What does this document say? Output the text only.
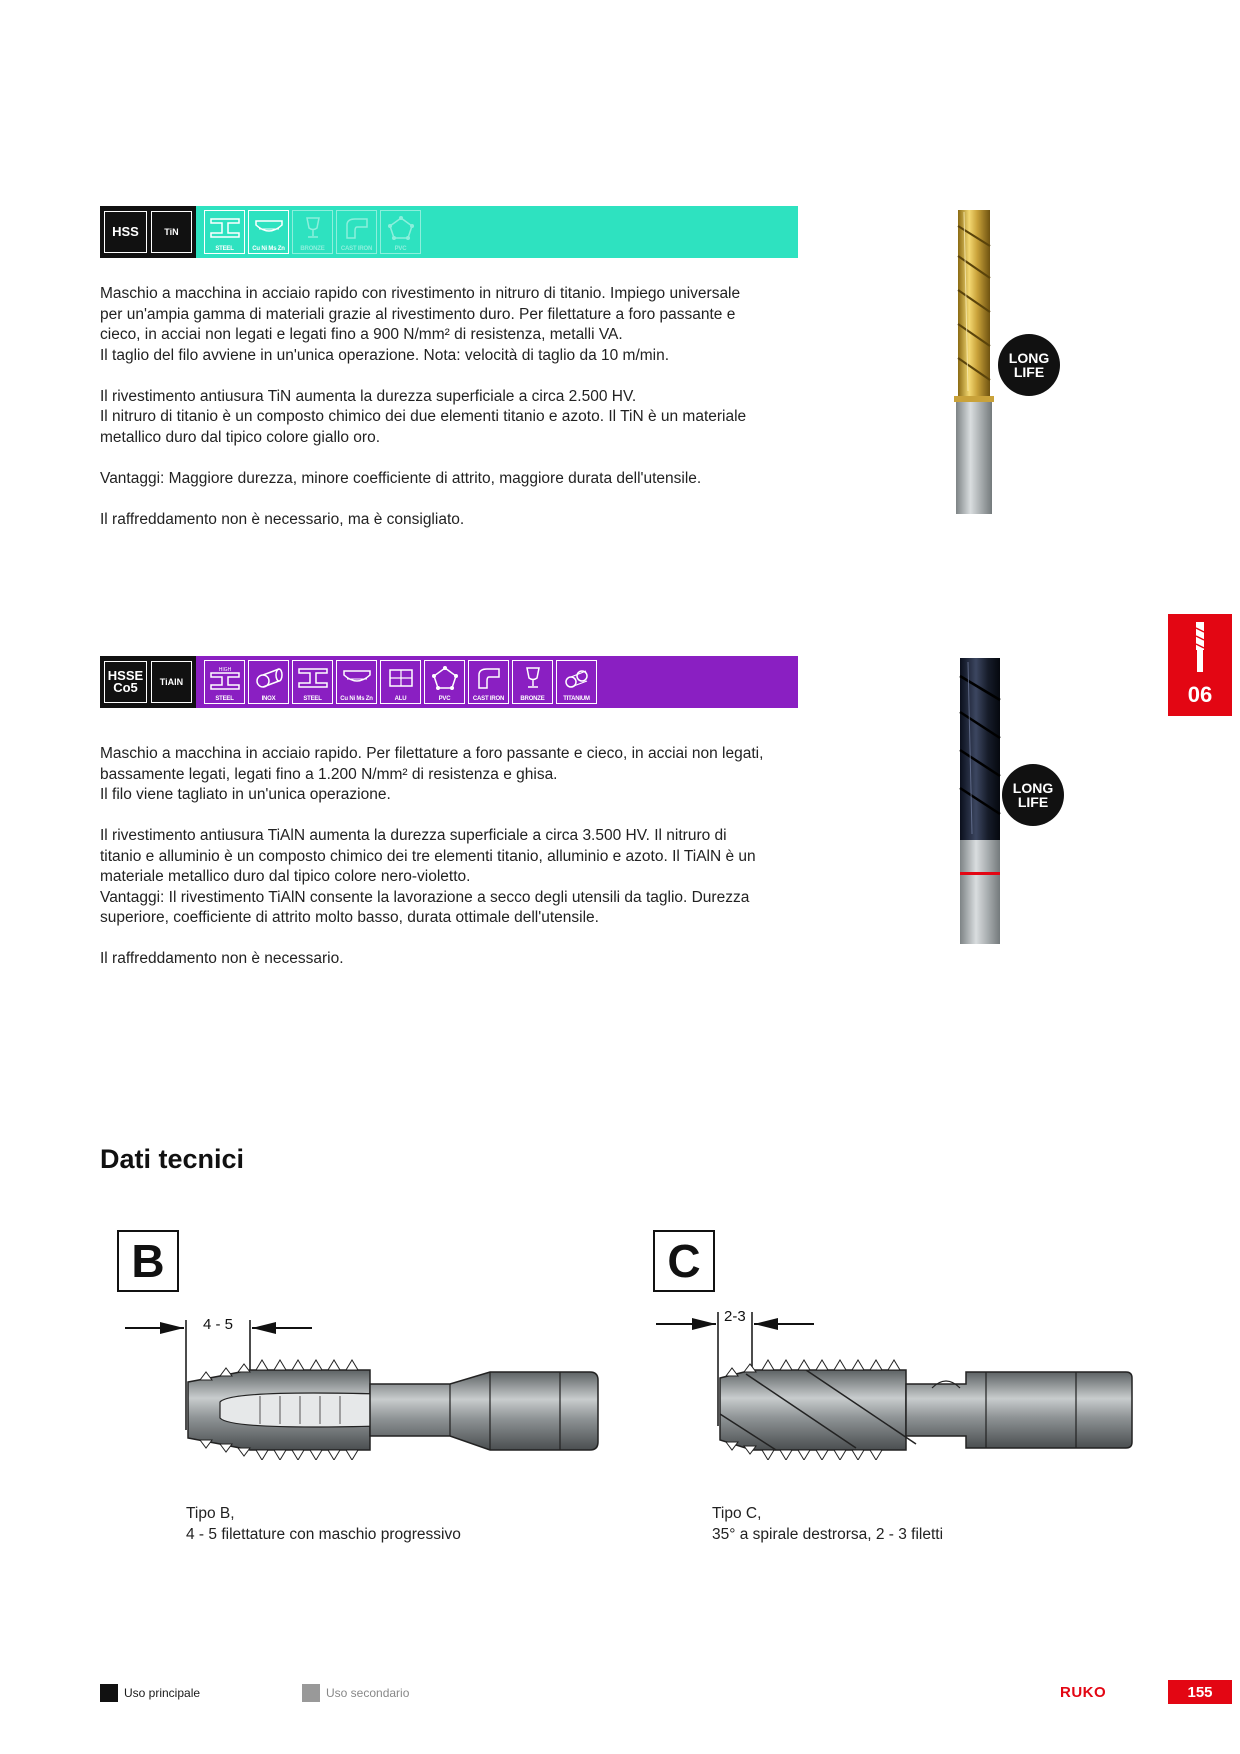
HSS	TiN
STEEL	Cu Ni Ms Zn	BRONZE	CAST IRON	PVC

Maschio a macchina in acciaio rapido con rivestimento in nitruro di titanio. Impiego universale
per un'ampia gamma di materiali grazie al rivestimento duro. Per filettature a foro passante e
cieco, in acciai non legati e legati fino a 900 N/mm² di resistenza, metalli VA.
Il taglio del filo avviene in un'unica operazione. Nota: velocità di taglio da 10 m/min.

Il rivestimento antiusura TiN aumenta la durezza superficiale a circa 2.500 HV.
Il nitruro di titanio è un composto chimico dei due elementi titanio e azoto. Il TiN è un materiale
metallico duro dal tipico colore giallo oro.

Vantaggi: Maggiore durezza, minore coefficiente di attrito, maggiore durata dell'utensile.

Il raffreddamento non è necessario, ma è consigliato.

LONG
LIFE
HSSE
Co5	TiAlN
HIGH
STEEL	INOX	STEEL	Cu Ni Ms Zn	ALU	PVC	CAST IRON	BRONZE	TITANIUM

Maschio a macchina in acciaio rapido. Per filettature a foro passante e cieco, in acciai non legati,
bassamente legati, legati fino a 1.200 N/mm² di resistenza e ghisa.
Il filo viene tagliato in un'unica operazione.

Il rivestimento antiusura TiAlN aumenta la durezza superficiale a circa 3.500 HV. Il nitruro di
titanio e alluminio è un composto chimico dei tre elementi titanio, alluminio e azoto. Il TiAlN è un
materiale metallico duro dal tipico colore nero-violetto.
Vantaggi: Il rivestimento TiAlN consente la lavorazione a secco degli utensili da taglio. Durezza
superiore, coefficiente di attrito molto basso, durata ottimale dell'utensile.

Il raffreddamento non è necessario.

LONG
LIFE
06
Dati tecnici
B
4 - 5
Tipo B,
4 - 5 filettature con maschio progressivo
C
2-3
Tipo C,
35° a spirale destrorsa, 2 - 3 filetti
Uso principale	Uso secondario	RUKO	155
